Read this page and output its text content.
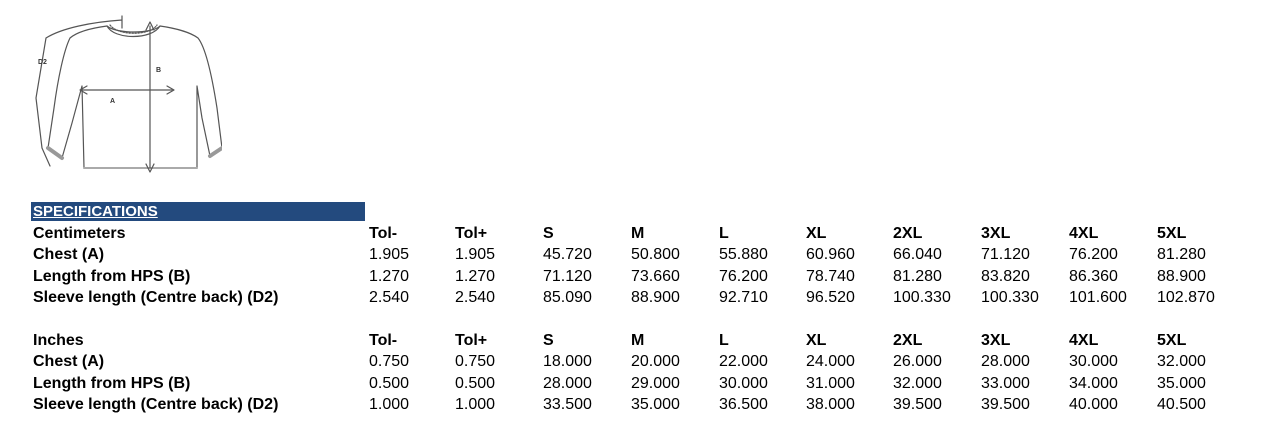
D2
B
A
SPECIFICATIONS
Centimeters	Tol-	Tol+	S	M	L	XL	2XL	3XL	4XL	5XL
Chest (A)	1.905	1.905	45.720 50.800 55.880 60.960 66.040 71.120 76.200 81.280
Length from HPS (B)	1.270	1.270	71.120 73.660 76.200 78.740 81.280 83.820 86.360 88.900
Sleeve length (Centre back) (D2)	2.540	2.540	85.090 88.900 92.710 96.520 100.330 100.330 101.600 102.870
Inches	Tol-	Tol+	S	M	L	XL	2XL	3XL	4XL	5XL
Chest (A)	0.750	0.750	18.000 20.000 22.000 24.000 26.000 28.000 30.000 32.000
Length from HPS (B)	0.500	0.500	28.000 29.000 30.000 31.000 32.000 33.000 34.000 35.000
Sleeve length (Centre back) (D2)	1.000	1.000	33.500 35.000 36.500 38.000 39.500 39.500 40.000 40.500
